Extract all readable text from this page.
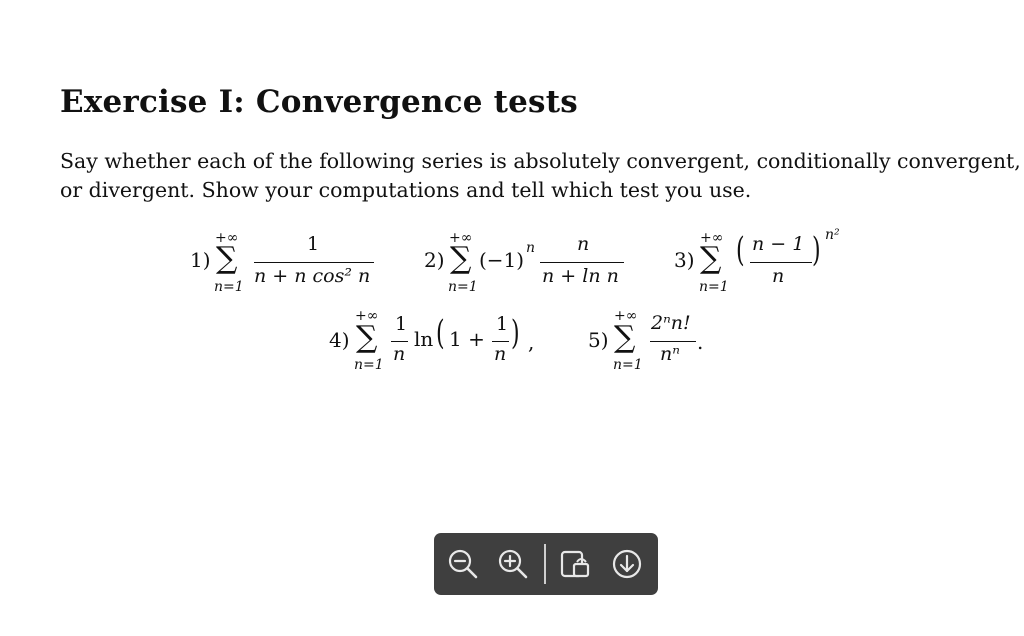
Exercise I: Convergence tests

Say whether each of the following series is absolutely convergent, conditionally convergent,
or divergent. Show your computations and tell which test you use.

1)
+∞
∑
n=1
1
n + n cos² n
2)
+∞
∑
n=1
(−1) n n
n + ln n
3)
+∞
∑
n=1
( n − 1
n
) n²
4)
+∞
∑
n=1
1
n
ln ( 1 +
1
n
) ,	5)
+∞
∑
n=1
2ⁿn!
nⁿ .
